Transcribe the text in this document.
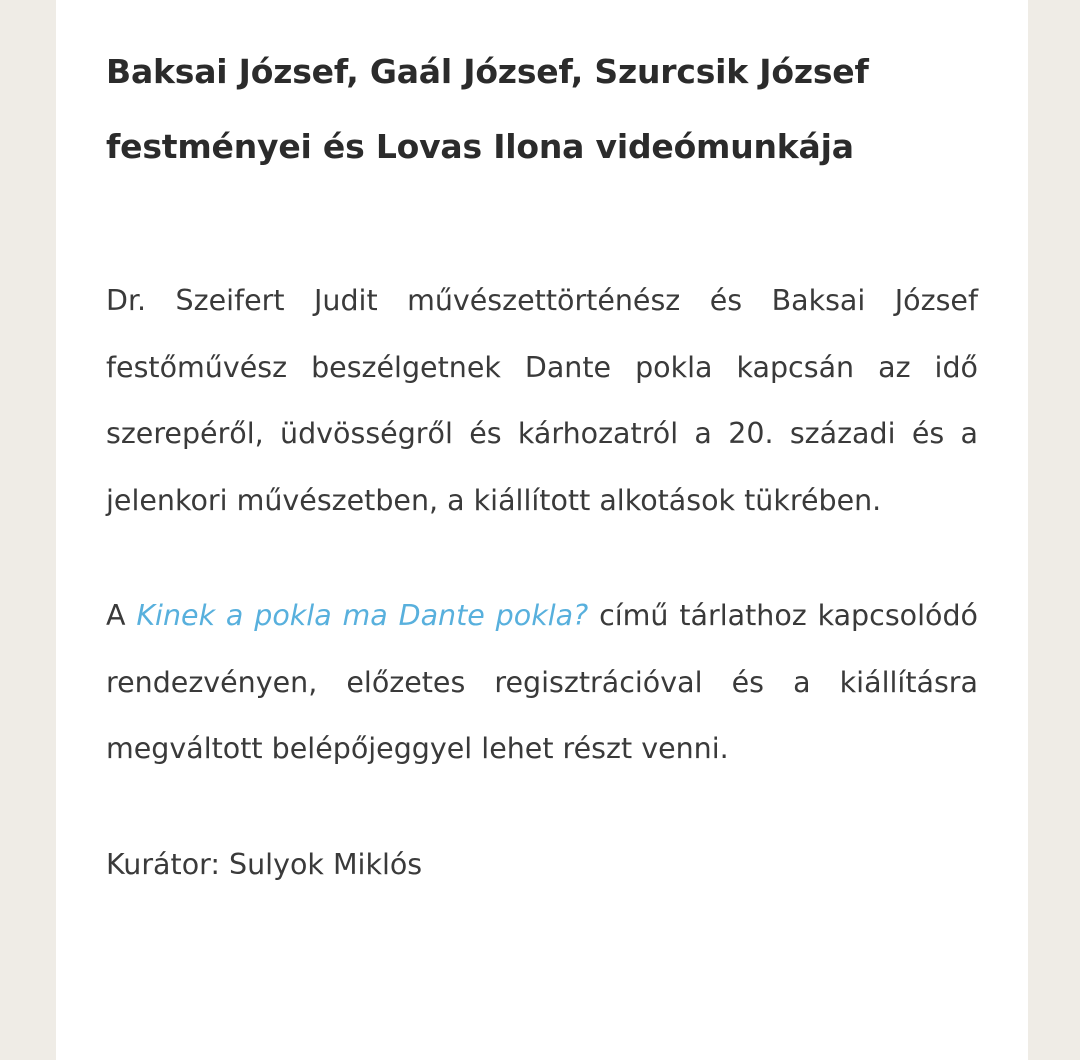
Baksai József, Gaál József, Szurcsik József festményei és Lovas Ilona videómunkája

Dr. Szeifert Judit művészettörténész és Baksai József festőművész beszélgetnek Dante pokla kapcsán az idő szerepéről, üdvösségről és kárhozatról a 20. századi és a jelenkori művészetben, a kiállított alkotások tükrében.

A Kinek a pokla ma Dante pokla? című tárlathoz kapcsolódó rendezvényen, előzetes regisztrációval és a kiállításra megváltott belépőjeggyel lehet részt venni.

Kurátor: Sulyok Miklós
